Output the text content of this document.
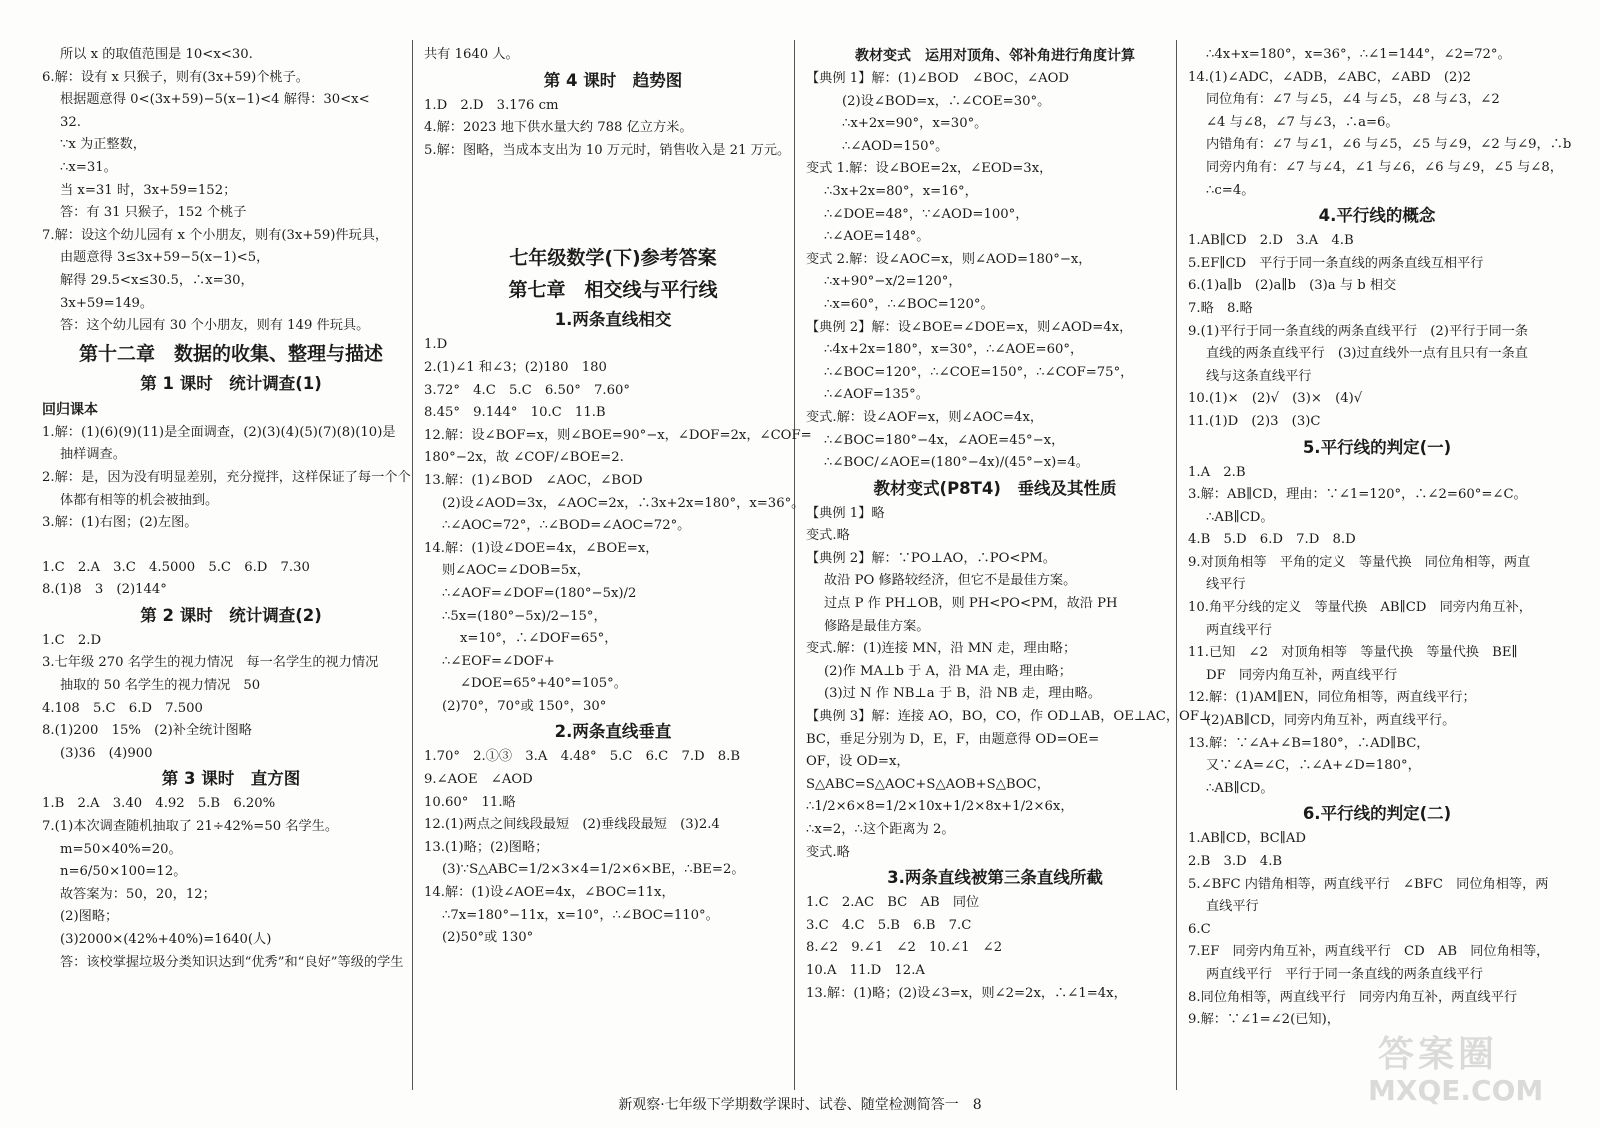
所以 x 的取值范围是 10<x<30.
6.解：设有 x 只猴子，则有(3x+59)个桃子。
根据题意得 0<(3x+59)−5(x−1)<4 解得：30<x<
32.
∵x 为正整数，
∴x=31。
当 x=31 时，3x+59=152；
答：有 31 只猴子，152 个桃子
7.解：设这个幼儿园有 x 个小朋友，则有(3x+59)件玩具，
由题意得 3≤3x+59−5(x−1)<5，
解得 29.5<x≤30.5，∴x=30，
3x+59=149。
答：这个幼儿园有 30 个小朋友，则有 149 件玩具。
第十二章　数据的收集、整理与描述
第 1 课时　统计调查(1)
回归课本
1.解：(1)(6)(9)(11)是全面调查，(2)(3)(4)(5)(7)(8)(10)是
抽样调查。
2.解：是，因为没有明显差别，充分搅拌，这样保证了每一个个
体都有相等的机会被抽到。
3.解：(1)右图；(2)左图。
1.C　2.A　3.C　4.5000　5.C　6.D　7.30
8.(1)8　3　(2)144°
第 2 课时　统计调查(2)
1.C　2.D
3.七年级 270 名学生的视力情况　每一名学生的视力情况
抽取的 50 名学生的视力情况　50
4.108　5.C　6.D　7.500
8.(1)200　15%　(2)补全统计图略
(3)36　(4)900
第 3 课时　直方图
1.B　2.A　3.40　4.92　5.B　6.20%
7.(1)本次调查随机抽取了 21÷42%=50 名学生。
m=50×40%=20。
n=6/50×100=12。
故答案为：50，20，12；
(2)图略；
(3)2000×(42%+40%)=1640(人)
答：该校掌握垃圾分类知识达到“优秀”和“良好”等级的学生
共有 1640 人。
第 4 课时　趋势图
1.D　2.D　3.176 cm
4.解：2023 地下供水量大约 788 亿立方米。
5.解：图略，当成本支出为 10 万元时，销售收入是 21 万元。
七年级数学(下)参考答案
第七章　相交线与平行线
1.两条直线相交
1.D
2.(1)∠1 和∠3；(2)180　180
3.72°　4.C　5.C　6.50°　7.60°
8.45°　9.144°　10.C　11.B
12.解：设∠BOF=x，则∠BOE=90°−x，∠DOF=2x，∠COF=
180°−2x，故 ∠COF/∠BOE=2.
13.解：(1)∠BOD　∠AOC，∠BOD
(2)设∠AOD=3x，∠AOC=2x，∴3x+2x=180°，x=36°。
∴∠AOC=72°，∴∠BOD=∠AOC=72°。
14.解：(1)设∠DOE=4x，∠BOE=x，
则∠AOC=∠DOB=5x，
∴∠AOF=∠DOF=(180°−5x)/2
∴5x=(180°−5x)/2−15°，
x=10°，∴∠DOF=65°，
∴∠EOF=∠DOF+
∠DOE=65°+40°=105°。
(2)70°，70°或 150°，30°
2.两条直线垂直
1.70°　2.①③　3.A　4.48°　5.C　6.C　7.D　8.B
9.∠AOE　∠AOD
10.60°　11.略
12.(1)两点之间线段最短　(2)垂线段最短　(3)2.4
13.(1)略；(2)图略；
(3)∵S△ABC=1/2×3×4=1/2×6×BE，∴BE=2。
14.解：(1)设∠AOE=4x，∠BOC=11x，
∴7x=180°−11x，x=10°，∴∠BOC=110°。
(2)50°或 130°
教材变式　运用对顶角、邻补角进行角度计算
【典例 1】解：(1)∠BOD　∠BOC，∠AOD
(2)设∠BOD=x，∴∠COE=30°。
∴x+2x=90°，x=30°。
∴∠AOD=150°。
变式 1.解：设∠BOE=2x，∠EOD=3x，
∴3x+2x=80°，x=16°，
∴∠DOE=48°，∵∠AOD=100°，
∴∠AOE=148°。
变式 2.解：设∠AOC=x，则∠AOD=180°−x，
∴x+90°−x/2=120°，
∴x=60°，∴∠BOC=120°。
【典例 2】解：设∠BOE=∠DOE=x，则∠AOD=4x，
∴4x+2x=180°，x=30°，∴∠AOE=60°，
∴∠BOC=120°，∴∠COE=150°，∴∠COF=75°，
∴∠AOF=135°。
变式.解：设∠AOF=x，则∠AOC=4x，
∴∠BOC=180°−4x，∠AOE=45°−x，
∴∠BOC/∠AOE=(180°−4x)/(45°−x)=4。
教材变式(P8T4)　垂线及其性质
【典例 1】略
变式.略
【典例 2】解：∵PO⊥AO，∴PO<PM。
故沿 PO 修路较经济，但它不是最佳方案。
过点 P 作 PH⊥OB，则 PH<PO<PM，故沿 PH
修路是最佳方案。
变式.解：(1)连接 MN，沿 MN 走，理由略；
(2)作 MA⊥b 于 A，沿 MA 走，理由略；
(3)过 N 作 NB⊥a 于 B，沿 NB 走，理由略。
【典例 3】解：连接 AO，BO，CO，作 OD⊥AB，OE⊥AC，OF⊥
BC，垂足分别为 D，E，F，由题意得 OD=OE=
OF，设 OD=x，
S△ABC=S△AOC+S△AOB+S△BOC，
∴1/2×6×8=1/2×10x+1/2×8x+1/2×6x，
∴x=2，∴这个距离为 2。
变式.略
3.两条直线被第三条直线所截
1.C　2.AC　BC　AB　同位
3.C　4.C　5.B　6.B　7.C
8.∠2　9.∠1　∠2　10.∠1　∠2
10.A　11.D　12.A
13.解：(1)略；(2)设∠3=x，则∠2=2x，∴∠1=4x，
∴4x+x=180°，x=36°，∴∠1=144°，∠2=72°。
14.(1)∠ADC，∠ADB，∠ABC，∠ABD　(2)2
同位角有：∠7 与∠5，∠4 与∠5，∠8 与∠3，∠2
∠4 与∠8，∠7 与∠3，∴a=6。
内错角有：∠7 与∠1，∠6 与∠5，∠5 与∠9，∠2 与∠9，∴b
同旁内角有：∠7 与∠4，∠1 与∠6，∠6 与∠9，∠5 与∠8，
∴c=4。
4.平行线的概念
1.AB∥CD　2.D　3.A　4.B
5.EF∥CD　平行于同一条直线的两条直线互相平行
6.(1)a∥b　(2)a∥b　(3)a 与 b 相交
7.略　8.略
9.(1)平行于同一条直线的两条直线平行　(2)平行于同一条
直线的两条直线平行　(3)过直线外一点有且只有一条直
线与这条直线平行
10.(1)×　(2)√　(3)×　(4)√
11.(1)D　(2)3　(3)C
5.平行线的判定(一)
1.A　2.B
3.解：AB∥CD，理由：∵∠1=120°，∴∠2=60°=∠C。
∴AB∥CD。
4.B　5.D　6.D　7.D　8.D
9.对顶角相等　平角的定义　等量代换　同位角相等，两直
线平行
10.角平分线的定义　等量代换　AB∥CD　同旁内角互补，
两直线平行
11.已知　∠2　对顶角相等　等量代换　等量代换　BE∥
DF　同旁内角互补，两直线平行
12.解：(1)AM∥EN，同位角相等，两直线平行；
(2)AB∥CD，同旁内角互补，两直线平行。
13.解：∵∠A+∠B=180°，∴AD∥BC，
又∵∠A=∠C，∴∠A+∠D=180°，
∴AB∥CD。
6.平行线的判定(二)
1.AB∥CD，BC∥AD
2.B　3.D　4.B
5.∠BFC 内错角相等，两直线平行　∠BFC　同位角相等，两
直线平行
6.C
7.EF　同旁内角互补，两直线平行　CD　AB　同位角相等，
两直线平行　平行于同一条直线的两条直线平行
8.同位角相等，两直线平行　同旁内角互补，两直线平行
9.解：∵∠1=∠2(已知)，
新观察·七年级下学期数学课时、试卷、随堂检测简答一　8
答案圈
MXQE.COM
